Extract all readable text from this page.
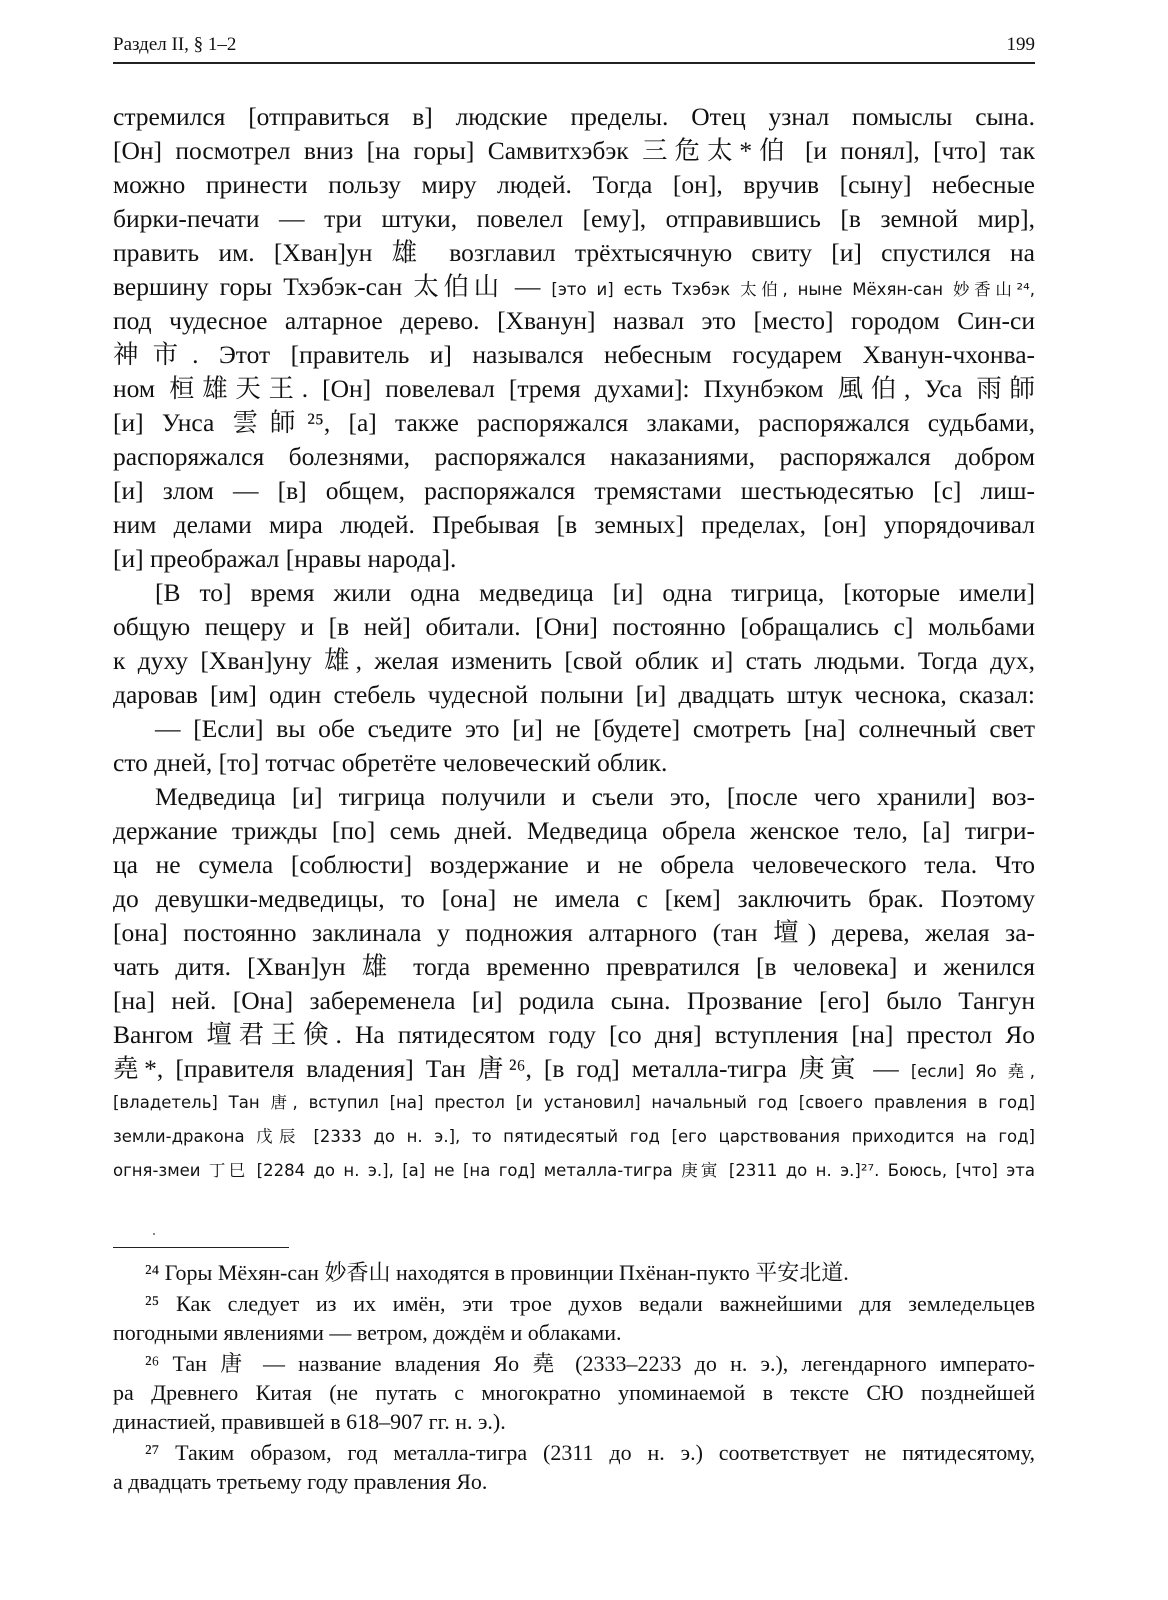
Раздел II, § 1–2	199
стремился [отправиться в] людские пределы. Отец узнал помыслы сына.
[Он] посмотрел вниз [на горы] Самвитхэбэк 三危太*伯 [и понял], [что] так
можно принести пользу миру людей. Тогда [он], вручив [сыну] небесные
бирки-печати — три штуки, повелел [ему], отправившись [в земной мир],
править им. [Хван]ун 雄 возглавил трёхтысячную свиту [и] спустился на
вершину горы Тхэбэк-сан 太伯山 — [это и] есть Тхэбэк 太伯, ныне Мёхян-сан 妙香山²⁴,
под чудесное алтарное дерево. [Хванун] назвал это [место] городом Син-си
神市. Этот [правитель и] назывался небесным государем Хванун-чхонва-
ном 桓雄天王. [Он] повелевал [тремя духами]: Пхунбэком 風伯, Уса 雨師
[и] Унса 雲師²⁵, [а] также распоряжался злаками, распоряжался судьбами,
распоряжался болезнями, распоряжался наказаниями, распоряжался добром
[и] злом — [в] общем, распоряжался тремястами шестьюдесятью [с] лиш-
ним делами мира людей. Пребывая [в земных] пределах, [он] упорядочивал
[и] преображал [нравы народа].
[В то] время жили одна медведица [и] одна тигрица, [которые имели]
общую пещеру и [в ней] обитали. [Они] постоянно [обращались с] мольбами
к духу [Хван]уну 雄, желая изменить [свой облик и] стать людьми. Тогда дух,
даровав [им] один стебель чудесной полыни [и] двадцать штук чеснока, сказал:
— [Если] вы обе съедите это [и] не [будете] смотреть [на] солнечный свет
сто дней, [то] тотчас обретёте человеческий облик.
Медведица [и] тигрица получили и съели это, [после чего хранили] воз-
держание трижды [по] семь дней. Медведица обрела женское тело, [а] тигри-
ца не сумела [соблюсти] воздержание и не обрела человеческого тела. Что
до девушки-медведицы, то [она] не имела с [кем] заключить брак. Поэтому
[она] постоянно заклинала у подножия алтарного (тан 壇) дерева, желая за-
чать дитя. [Хван]ун 雄 тогда временно превратился [в человека] и женился
[на] ней. [Она] забеременела [и] родила сына. Прозвание [его] было Тангун
Вангом 壇君王倹. На пятидесятом году [со дня] вступления [на] престол Яо
堯*, [правителя владения] Тан 唐²⁶, [в год] металла-тигра 庚寅 — [если] Яо 堯,
[владетель] Тан 唐, вступил [на] престол [и установил] начальный год [своего правления в год]
земли-дракона 戊辰 [2333 до н. э.], то пятидесятый год [его царствования приходится на год]
огня-змеи 丁巳 [2284 до н. э.], [а] не [на год] металла-тигра 庚寅 [2311 до н. э.]²⁷. Боюсь, [что] эта
²⁴ Горы Мёхян-сан 妙香山 находятся в провинции Пхёнан-пукто 平安北道.
²⁵ Как следует из их имён, эти трое духов ведали важнейшими для земледельцев
погодными явлениями — ветром, дождём и облаками.
²⁶ Тан 唐 — название владения Яо 堯 (2333–2233 до н. э.), легендарного императо-
ра Древнего Китая (не путать с многократно упоминаемой в тексте СЮ позднейшей
династией, правившей в 618–907 гг. н. э.).
²⁷ Таким образом, год металла-тигра (2311 до н. э.) соответствует не пятидесятому,
а двадцать третьему году правления Яо.
